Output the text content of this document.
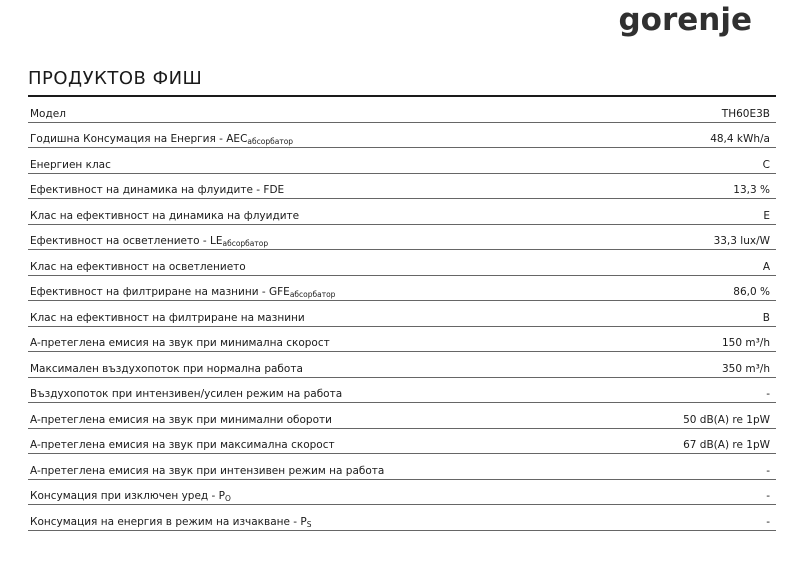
gorenje
ПРОДУКТОВ ФИШ
Модел	TH60E3B
Годишна Консумация на Енергия - $AEC_{абсорбатор}$	48,4 kWh/a
Енергиен клас	C
Ефективност на динамика на флуидите - FDE	13,3 %
Клас на ефективност на динамика на флуидите	E
Ефективност на осветлението - $LE_{абсорбатор}$	33,3 lux/W
Клас на ефективност на осветлението	A
Ефективност на филтриране на мазнини - $GFE_{абсорбатор}$	86,0 %
Клас на ефективност на филтриране на мазнини	B
A-претеглена емисия на звук при минимална скорост	150 m³/h
Максимален въздухопоток при нормална работа	350 m³/h
Въздухопоток при интензивен/усилен режим на работа	-
A-претеглена емисия на звук при минимални обороти	50 dB(A) re 1pW
A-претеглена емисия на звук при максимална скорост	67 dB(A) re 1pW
A-претеглена емисия на звук при интензивен режим на работа	-
Консумация при изключен уред - $P_O$	-
Консумация на енергия в режим на изчакване - $P_S$	-
